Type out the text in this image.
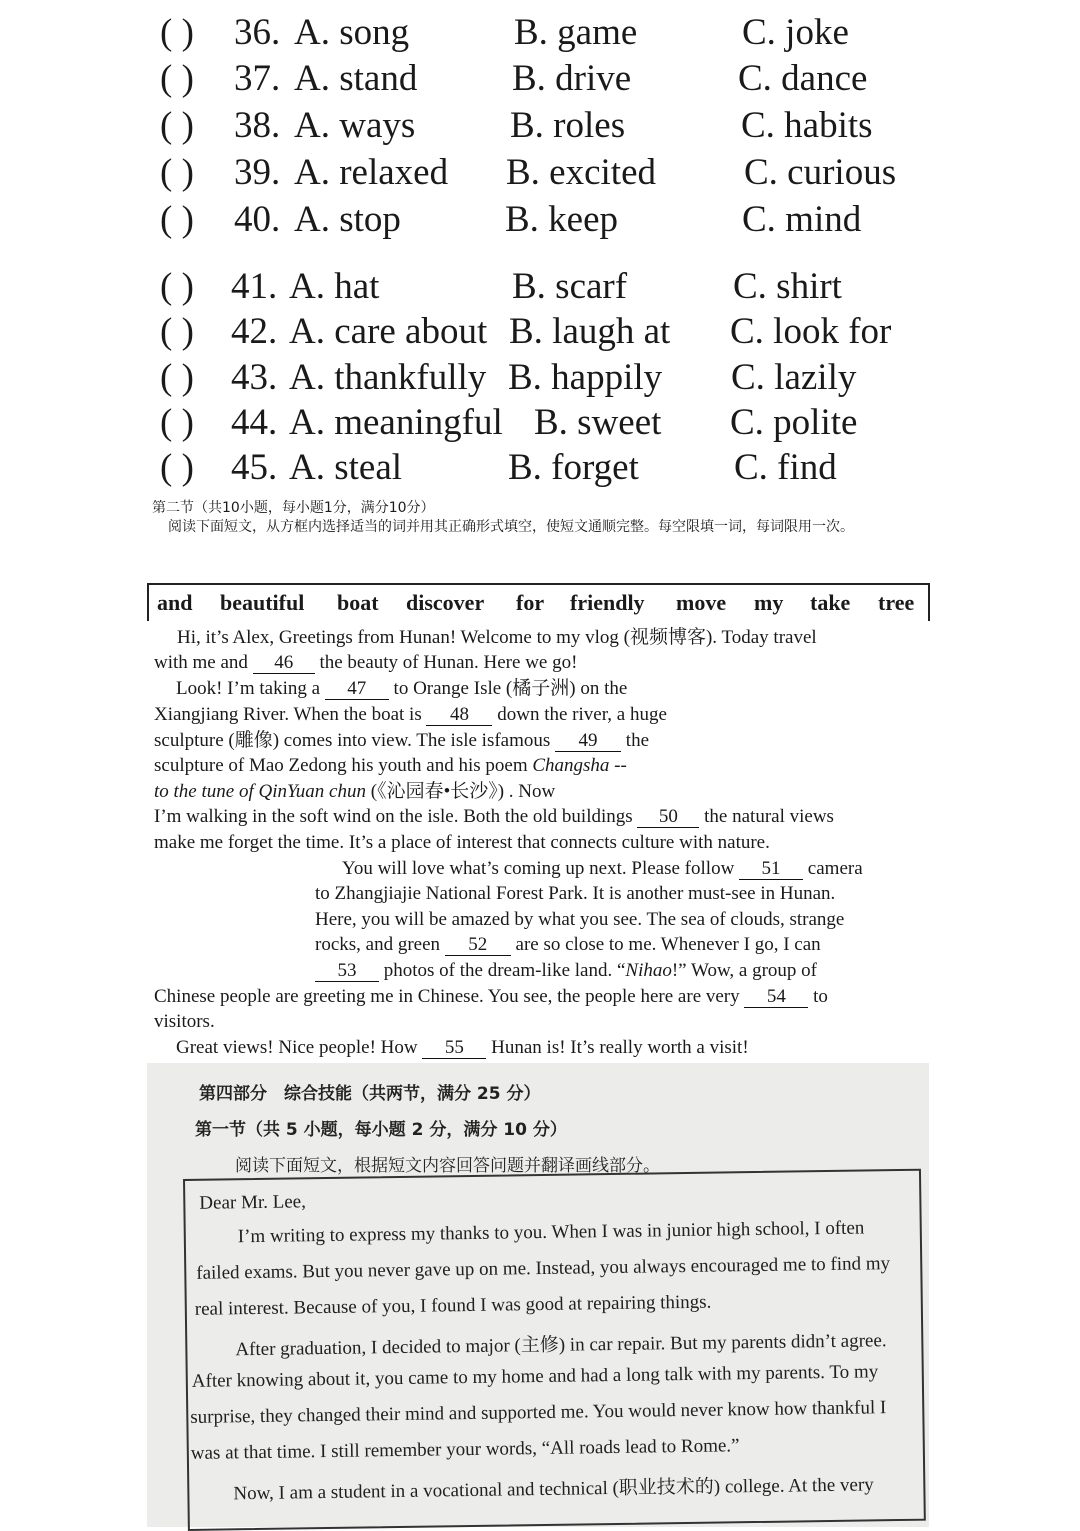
( ) 36. A. song	B. game	C. joke
( ) 37. A. stand	B. drive	C. dance
( ) 38. A. ways	B. roles	C. habits
( ) 39. A. relaxed B. excited C. curious
( ) 40. A. stop	B. keep	C. mind
( ) 41. A. hat	B. scarf	C. shirt
( ) 42. A. care about B. laugh at C. look for
( ) 43. A. thankfully B. happily C. lazily
( ) 44. A. meaningful B. sweet C. polite
( ) 45. A. steal	B. forget	C. find
第二节（共10小题，每小题1分，满分10分）
阅读下面短文，从方框内选择适当的词并用其正确形式填空，使短文通顺完整。每空限填一词，每词限用一次。
and beautiful boat discover for friendly move my take tree
Hi, it’s Alex, Greetings from Hunan! Welcome to my vlog (视频博客). Today travel
with me and 46 the beauty of Hunan. Here we go!
Look! I’m taking a 47 to Orange Isle (橘子洲) on the
Xiangjiang River. When the boat is 48 down the river, a huge
sculpture (雕像) comes into view. The isle isfamous 49 the
sculpture of Mao Zedong his youth and his poem Changsha --
to the tune of QinYuan chun (《沁园春•长沙》) . Now
I’m walking in the soft wind on the isle. Both the old buildings 50 the natural views
make me forget the time. It’s a place of interest that connects culture with nature.
You will love what’s coming up next. Please follow 51 camera
to Zhangjiajie National Forest Park. It is another must-see in Hunan.
Here, you will be amazed by what you see. The sea of clouds, strange
rocks, and green 52 are so close to me. Whenever I go, I can
53 photos of the dream-like land. “Nihao!” Wow, a group of
Chinese people are greeting me in Chinese. You see, the people here are very 54 to
visitors.
Great views! Nice people! How 55 Hunan is! It’s really worth a visit!
第四部分　综合技能（共两节，满分 25 分）
第一节（共 5 小题，每小题 2 分，满分 10 分）
阅读下面短文，根据短文内容回答问题并翻译画线部分。
Dear Mr. Lee,
I’m writing to express my thanks to you. When I was in junior high school, I often
failed exams. But you never gave up on me. Instead, you always encouraged me to find my
real interest. Because of you, I found I was good at repairing things.
After graduation, I decided to major (主修) in car repair. But my parents didn’t agree.
After knowing about it, you came to my home and had a long talk with my parents. To my
surprise, they changed their mind and supported me. You would never know how thankful I
was at that time. I still remember your words, “All roads lead to Rome.”
Now, I am a student in a vocational and technical (职业技术的) college. At the very
